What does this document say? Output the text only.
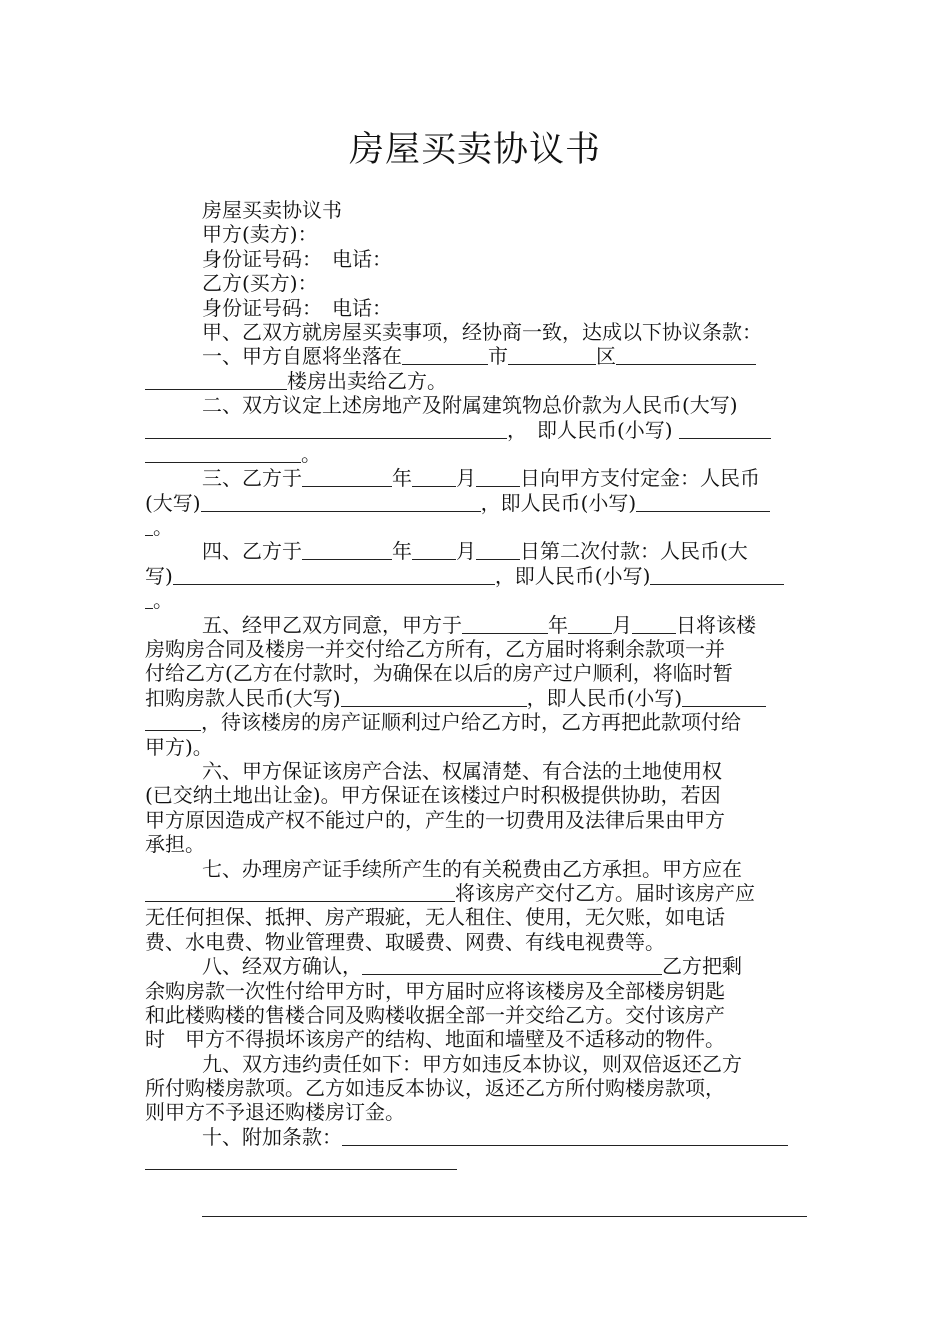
房屋买卖协议书
房屋买卖协议书
甲方(卖方)：
身份证号码：　电话：
乙方(买方)：
身份证号码：　电话：
甲、乙双方就房屋买卖事项，经协商一致，达成以下协议条款：
一、甲方自愿将坐落在	市	区
楼房出卖给乙方。
二、双方议定上述房地产及附属建筑物总价款为人民币(大写)
，　即人民币(小写)
。
三、乙方于	年 月 日向甲方支付定金：人民币
(大写)	，即人民币(小写)
。
四、乙方于	年 月 日第二次付款：人民币(大
写)	，即人民币(小写)
。
五、经甲乙双方同意，甲方于	年 月 日将该楼
房购房合同及楼房一并交付给乙方所有，乙方届时将剩余款项一并
付给乙方(乙方在付款时，为确保在以后的房产过户顺利，将临时暂
扣购房款人民币(大写)	，即人民币(小写)
，待该楼房的房产证顺利过户给乙方时，乙方再把此款项付给
甲方)。
六、甲方保证该房产合法、权属清楚、有合法的土地使用权
(已交纳土地出让金)。甲方保证在该楼过户时积极提供协助，若因
甲方原因造成产权不能过户的，产生的一切费用及法律后果由甲方
承担。
七、办理房产证手续所产生的有关税费由乙方承担。甲方应在
将该房产交付乙方。届时该房产应
无任何担保、抵押、房产瑕疵，无人租住、使用，无欠账，如电话
费、水电费、物业管理费、取暖费、网费、有线电视费等。
八、经双方确认，	乙方把剩
余购房款一次性付给甲方时，甲方届时应将该楼房及全部楼房钥匙
和此楼购楼的售楼合同及购楼收据全部一并交给乙方。交付该房产
时　甲方不得损坏该房产的结构、地面和墙壁及不适移动的物件。
九、双方违约责任如下：甲方如违反本协议，则双倍返还乙方
所付购楼房款项。乙方如违反本协议，返还乙方所付购楼房款项，
则甲方不予退还购楼房订金。
十、附加条款：
